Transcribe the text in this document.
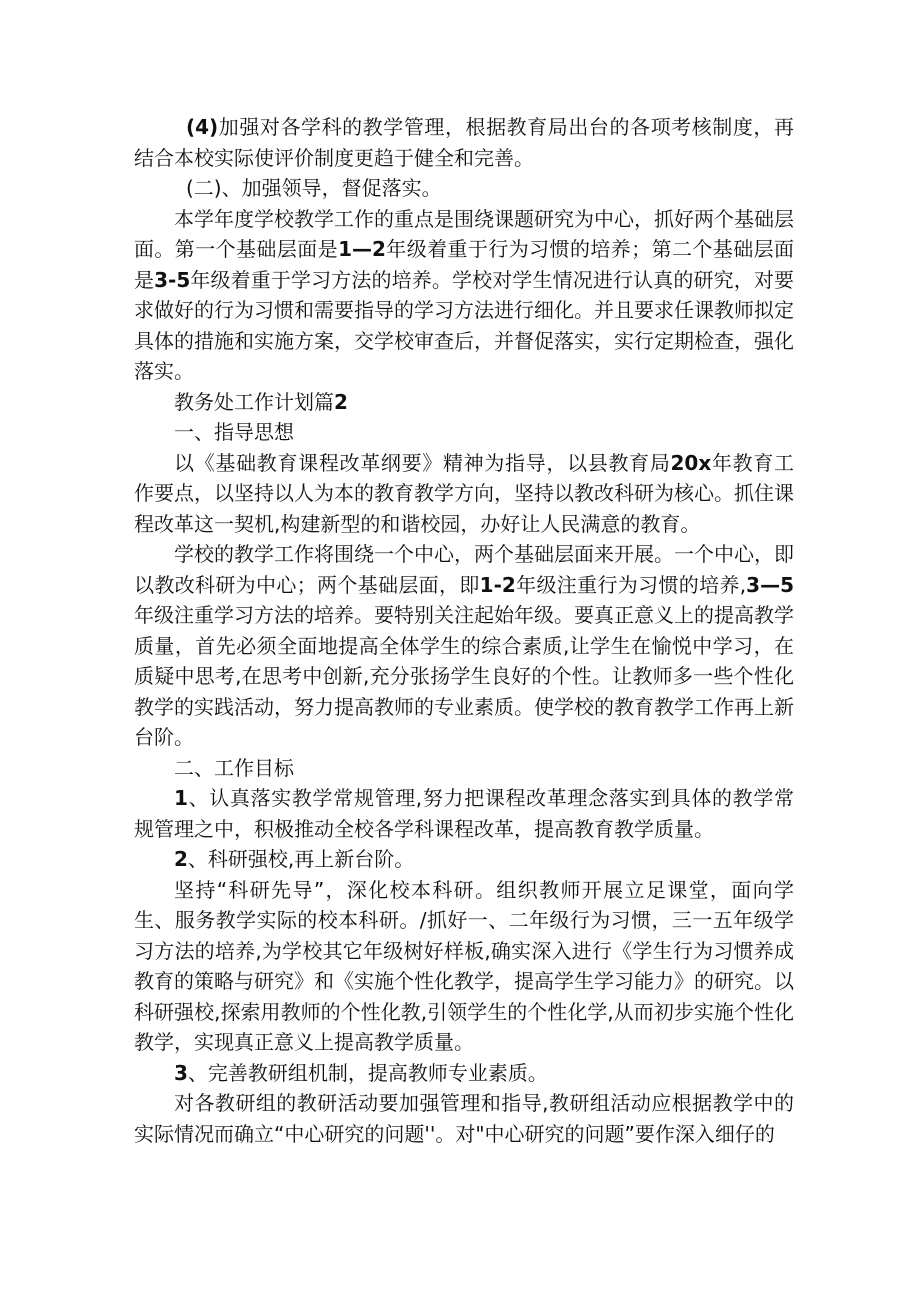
(4)加强对各学科的教学管理，根据教育局出台的各项考核制度，再结合本校实际使评价制度更趋于健全和完善。

(二)、加强领导，督促落实。

本学年度学校教学工作的重点是围绕课题研究为中心，抓好两个基础层面。第一个基础层面是1—2年级着重于行为习惯的培养；第二个基础层面是3-5年级着重于学习方法的培养。学校对学生情况进行认真的研究，对要求做好的行为习惯和需要指导的学习方法进行细化。并且要求任课教师拟定具体的措施和实施方案，交学校审查后，并督促落实，实行定期检查，强化落实。

教务处工作计划篇2

一、指导思想

以《基础教育课程改革纲要》精神为指导，以县教育局20x年教育工作要点，以坚持以人为本的教育教学方向，坚持以教改科研为核心。抓住课程改革这一契机,构建新型的和谐校园，办好让人民满意的教育。

学校的教学工作将围绕一个中心，两个基础层面来开展。一个中心，即以教改科研为中心；两个基础层面，即1-2年级注重行为习惯的培养,3—5年级注重学习方法的培养。要特别关注起始年级。要真正意义上的提高教学质量，首先必须全面地提高全体学生的综合素质,让学生在愉悦中学习，在质疑中思考,在思考中创新,充分张扬学生良好的个性。让教师多一些个性化教学的实践活动，努力提高教师的专业素质。使学校的教育教学工作再上新台阶。

二、工作目标

1、认真落实教学常规管理,努力把课程改革理念落实到具体的教学常规管理之中，积极推动全校各学科课程改革，提高教育教学质量。

2、科研强校,再上新台阶。

坚持“科研先导”，深化校本科研。组织教师开展立足课堂，面向学生、服务教学实际的校本科研。/抓好一、二年级行为习惯，三一五年级学习方法的培养,为学校其它年级树好样板,确实深入进行《学生行为习惯养成教育的策略与研究》和《实施个性化教学，提高学生学习能力》的研究。以科研强校,探索用教师的个性化教,引领学生的个性化学,从而初步实施个性化教学，实现真正意义上提高教学质量。

3、完善教研组机制，提高教师专业素质。

对各教研组的教研活动要加强管理和指导,教研组活动应根据教学中的实际情况而确立“中心研究的问题''。对"中心研究的问题”要作深入细仔的
